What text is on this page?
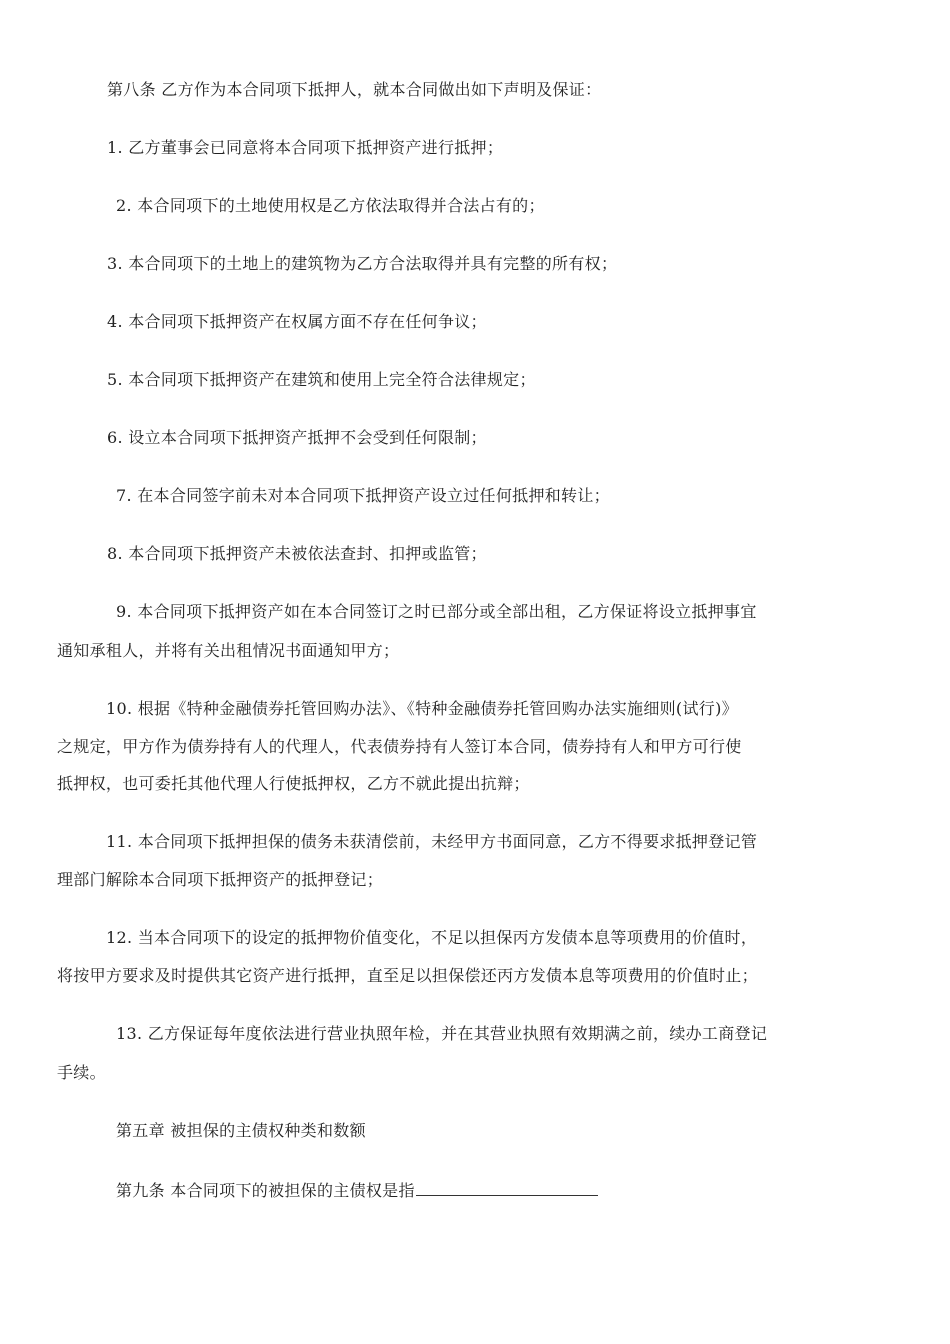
第八条 乙方作为本合同项下抵押人，就本合同做出如下声明及保证：
1. 乙方董事会已同意将本合同项下抵押资产进行抵押；
2. 本合同项下的土地使用权是乙方依法取得并合法占有的；
3. 本合同项下的土地上的建筑物为乙方合法取得并具有完整的所有权；
4. 本合同项下抵押资产在权属方面不存在任何争议；
5. 本合同项下抵押资产在建筑和使用上完全符合法律规定；
6. 设立本合同项下抵押资产抵押不会受到任何限制；
7. 在本合同签字前未对本合同项下抵押资产设立过任何抵押和转让；
8. 本合同项下抵押资产未被依法查封、扣押或监管；
9. 本合同项下抵押资产如在本合同签订之时已部分或全部出租，乙方保证将设立抵押事宜
通知承租人，并将有关出租情况书面通知甲方；
10. 根据《特种金融债券托管回购办法》、《特种金融债券托管回购办法实施细则(试行)》
之规定，甲方作为债券持有人的代理人，代表债券持有人签订本合同，债券持有人和甲方可行使
抵押权，也可委托其他代理人行使抵押权，乙方不就此提出抗辩；
11. 本合同项下抵押担保的债务未获清偿前，未经甲方书面同意，乙方不得要求抵押登记管
理部门解除本合同项下抵押资产的抵押登记；
12. 当本合同项下的设定的抵押物价值变化，不足以担保丙方发债本息等项费用的价值时，
将按甲方要求及时提供其它资产进行抵押，直至足以担保偿还丙方发债本息等项费用的价值时止；
13. 乙方保证每年度依法进行营业执照年检，并在其营业执照有效期满之前，续办工商登记
手续。
第五章 被担保的主债权种类和数额
第九条 本合同项下的被担保的主债权是指
